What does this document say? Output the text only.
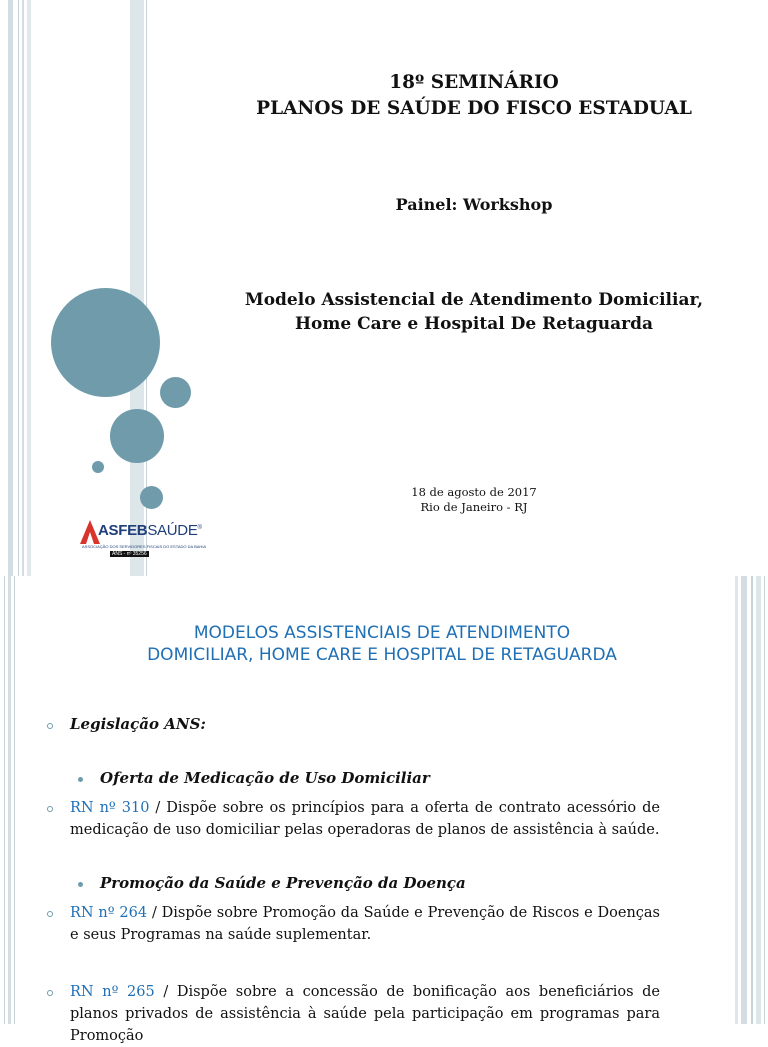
18º SEMINÁRIO
PLANOS DE SAÚDE DO FISCO ESTADUAL
Painel: Workshop
Modelo Assistencial de Atendimento Domiciliar,
Home Care e Hospital De Retaguarda
18 de agosto de 2017
Rio de Janeiro - RJ
ASFEBSAÚDE®
ASSOCIAÇÃO DOS SERVIDORES FISCAIS DO ESTADO DA BAHIA
ANS - nº 35256
MODELOS ASSISTENCIAIS DE ATENDIMENTO
DOMICILIAR, HOME CARE E HOSPITAL DE RETAGUARDA
Legislação ANS:
Oferta de Medicação de Uso Domiciliar
RN nº 310 / Dispõe sobre os princípios para a oferta de contrato acessório de medicação de uso domiciliar pelas operadoras de planos de assistência à saúde.
Promoção da Saúde e Prevenção da Doença
RN nº 264 / Dispõe sobre Promoção da Saúde e Prevenção de Riscos e Doenças e seus Programas na saúde suplementar.
RN nº 265 / Dispõe sobre a concessão de bonificação aos beneficiários de planos privados de assistência à saúde pela participação em programas para Promoção
